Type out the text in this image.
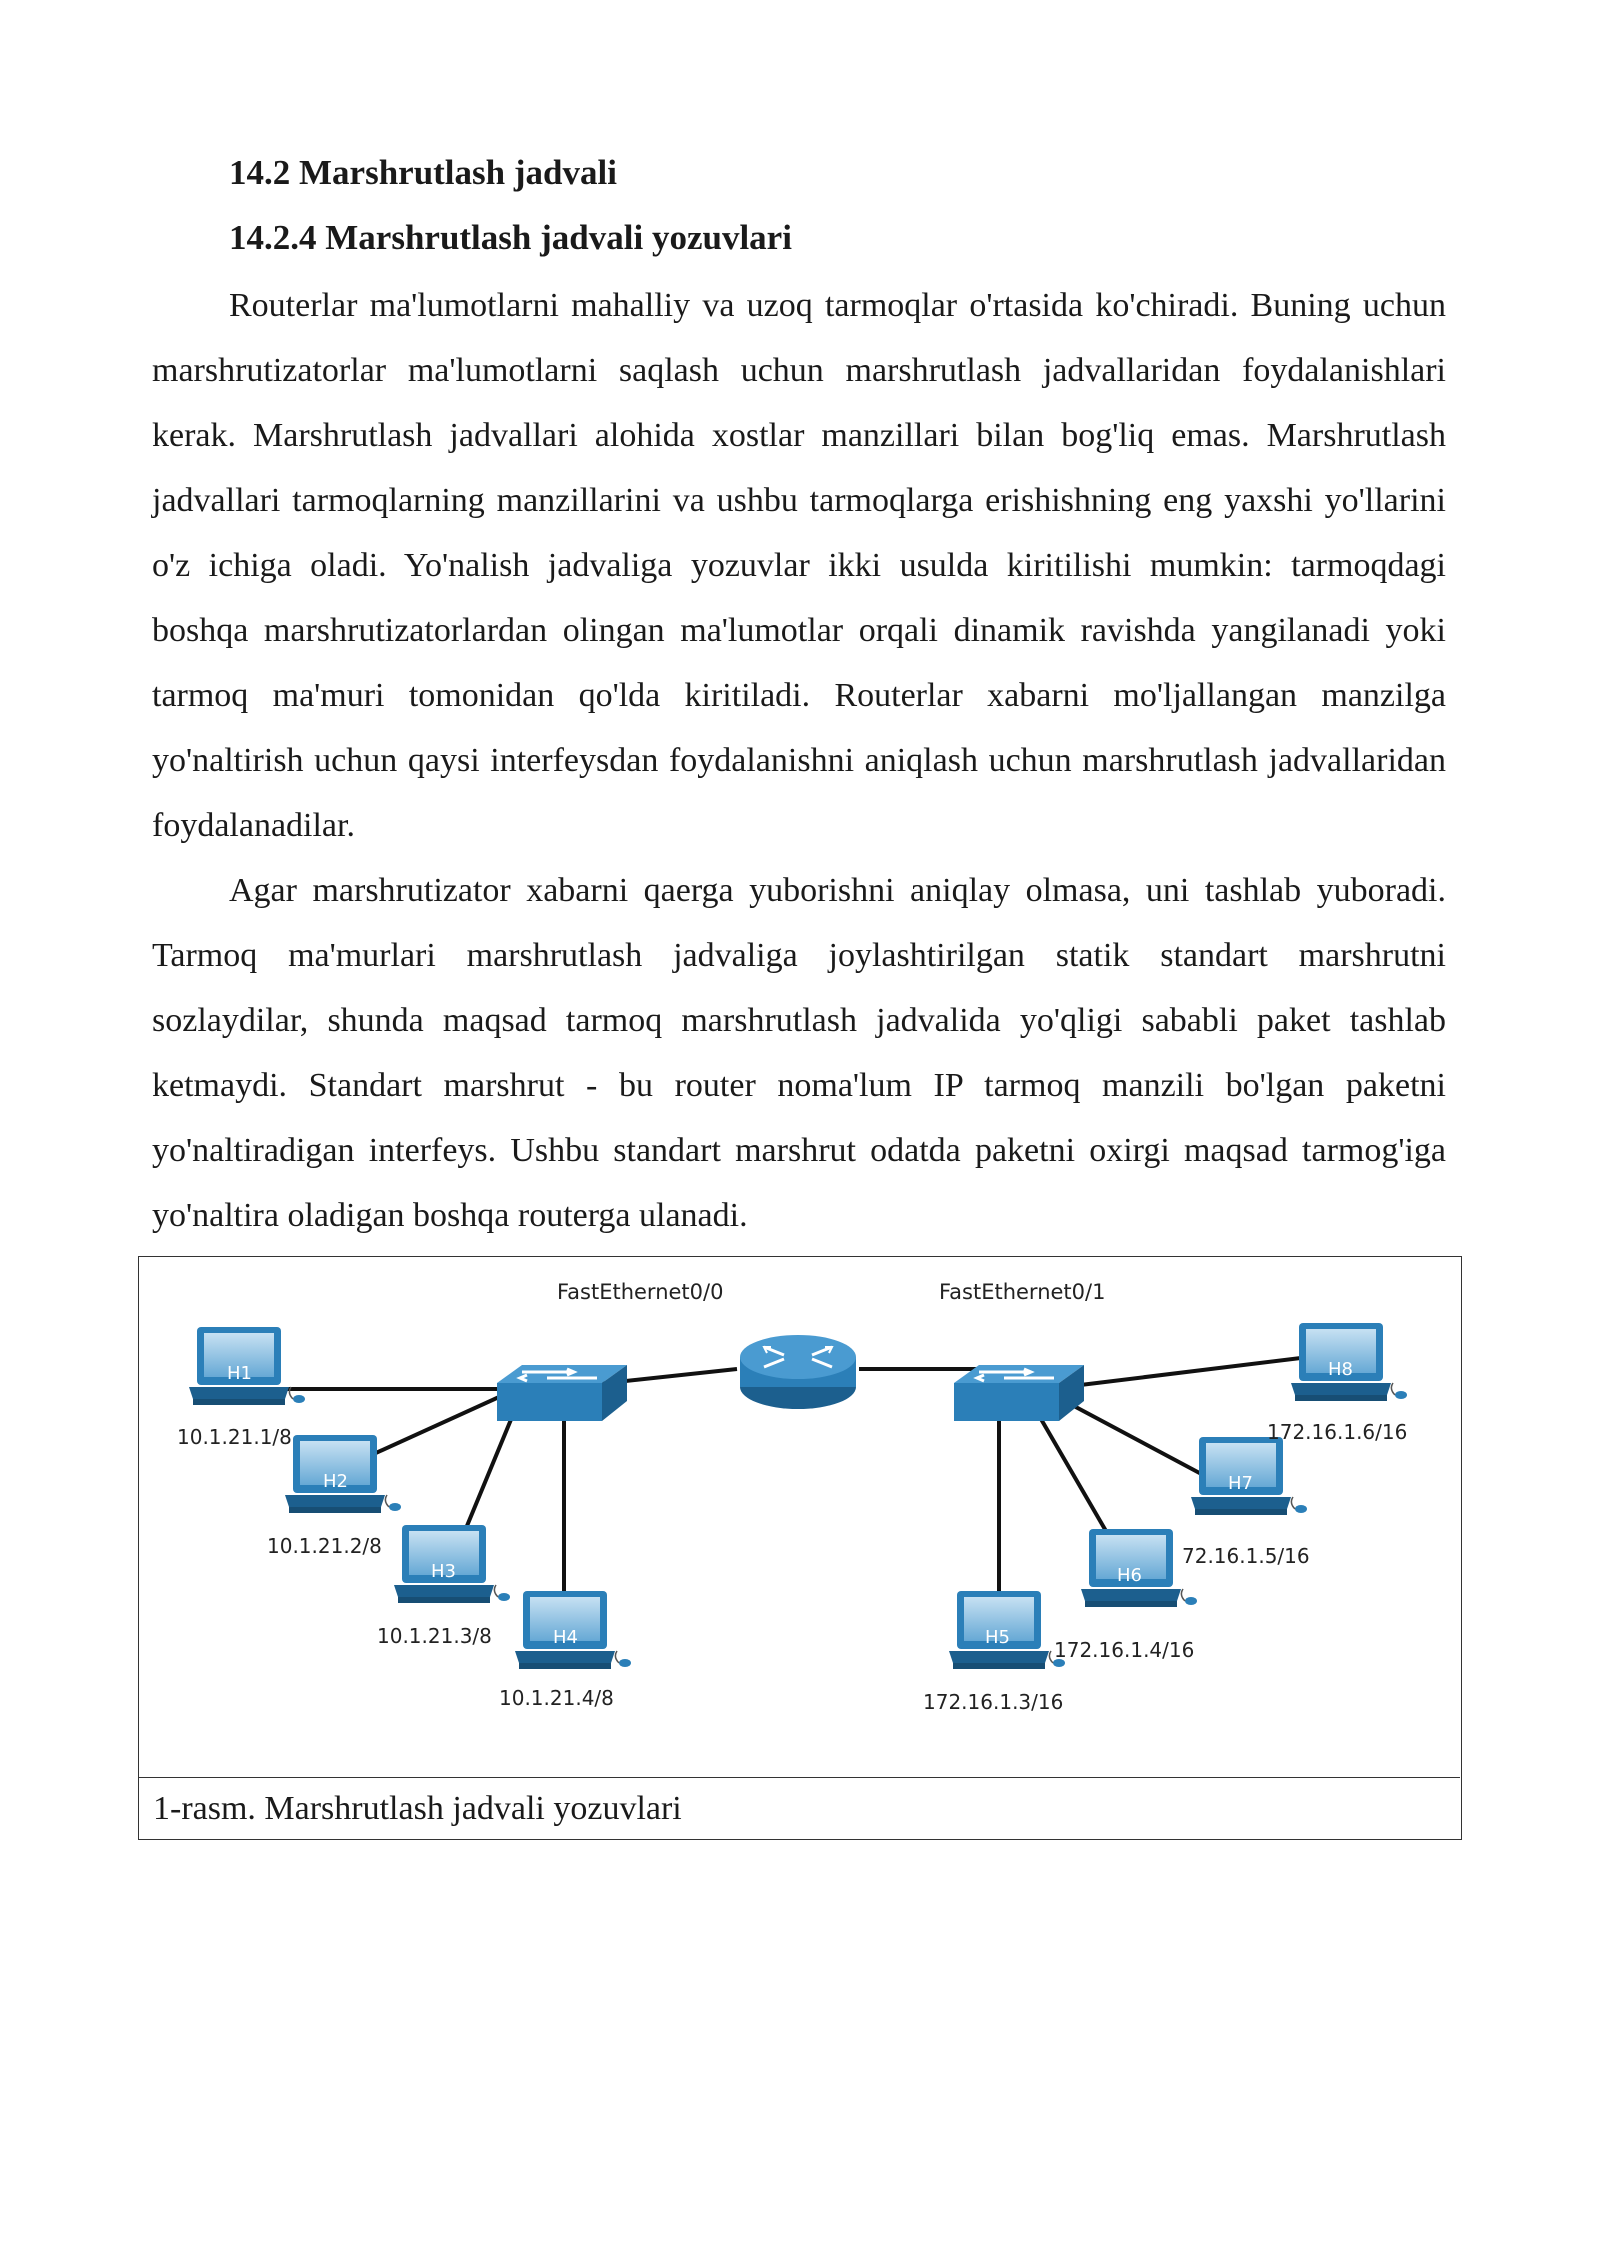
14.2 Marshrutlash jadvali
14.2.4 Marshrutlash jadvali yozuvlari

Routerlar ma'lumotlarni mahalliy va uzoq tarmoqlar o'rtasida ko'chiradi. Buning uchun marshrutizatorlar ma'lumotlarni saqlash uchun marshrutlash jadvallaridan foydalanishlari kerak. Marshrutlash jadvallari alohida xostlar manzillari bilan bog'liq emas. Marshrutlash jadvallari tarmoqlarning manzillarini va ushbu tarmoqlarga erishishning eng yaxshi yo'llarini o'z ichiga oladi. Yo'nalish jadvaliga yozuvlar ikki usulda kiritilishi mumkin: tarmoqdagi boshqa marshrutizatorlardan olingan ma'lumotlar orqali dinamik ravishda yangilanadi yoki tarmoq ma'muri tomonidan qo'lda kiritiladi. Routerlar xabarni mo'ljallangan manzilga yo'naltirish uchun qaysi interfeysdan foydalanishni aniqlash uchun marshrutlash jadvallaridan foydalanadilar.

Agar marshrutizator xabarni qaerga yuborishni aniqlay olmasa, uni tashlab yuboradi. Tarmoq ma'murlari marshrutlash jadvaliga joylashtirilgan statik standart marshrutni sozlaydilar, shunda maqsad tarmoq marshrutlash jadvalida yo'qligi sababli paket tashlab ketmaydi. Standart marshrut - bu router noma'lum IP tarmoq manzili bo'lgan paketni yo'naltiradigan interfeys. Ushbu standart marshrut odatda paketni oxirgi maqsad tarmog'iga yo'naltira oladigan boshqa routerga ulanadi.

FastEthernet0/0	FastEthernet0/1
H1
10.1.21.1/8
H2
10.1.21.2/8
H3
10.1.21.3/8	H4
10.1.21.4/8
H5
172.16.1.3/16
H6
172.16.1.4/16
H7
72.16.1.5/16
H8
172.16.1.6/16
1-rasm. Marshrutlash jadvali yozuvlari
